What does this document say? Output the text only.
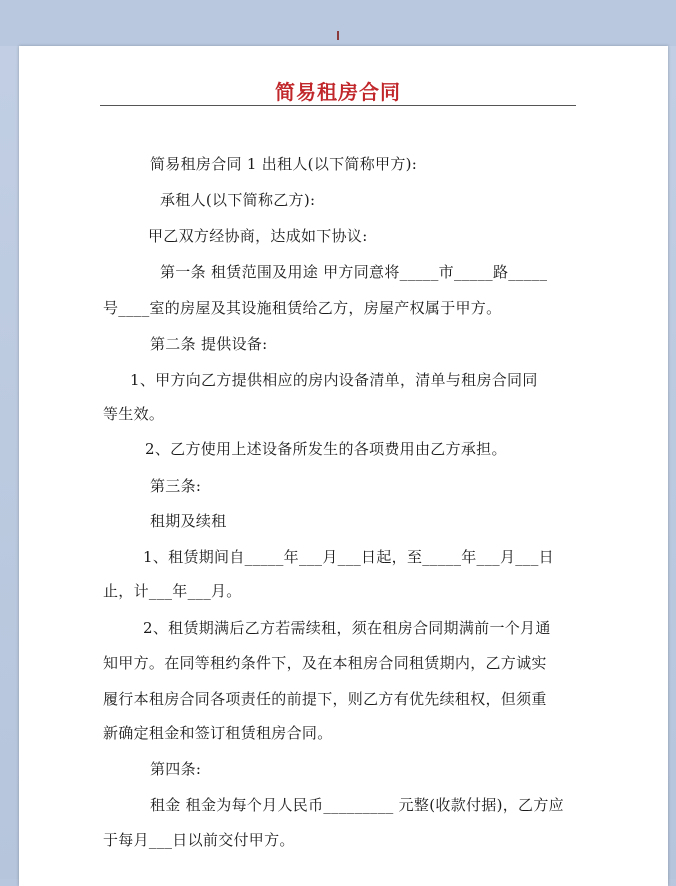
简易租房合同
简易租房合同 1 出租人(以下简称甲方):
承租人(以下简称乙方):
甲乙双方经协商，达成如下协议:
第一条 租赁范围及用途 甲方同意将_____市_____路_____
号____室的房屋及其设施租赁给乙方，房屋产权属于甲方。
第二条 提供设备:
1、甲方向乙方提供相应的房内设备清单，清单与租房合同同
等生效。
2、乙方使用上述设备所发生的各项费用由乙方承担。
第三条:
租期及续租
1、租赁期间自_____年___月___日起，至_____年___月___日
止，计___年___月。
2、租赁期满后乙方若需续租，须在租房合同期满前一个月通
知甲方。在同等租约条件下，及在本租房合同租赁期内，乙方诚实
履行本租房合同各项责任的前提下，则乙方有优先续租权，但须重
新确定租金和签订租赁租房合同。
第四条:
租金 租金为每个月人民币_________ 元整(收款付据)，乙方应
于每月___日以前交付甲方。
